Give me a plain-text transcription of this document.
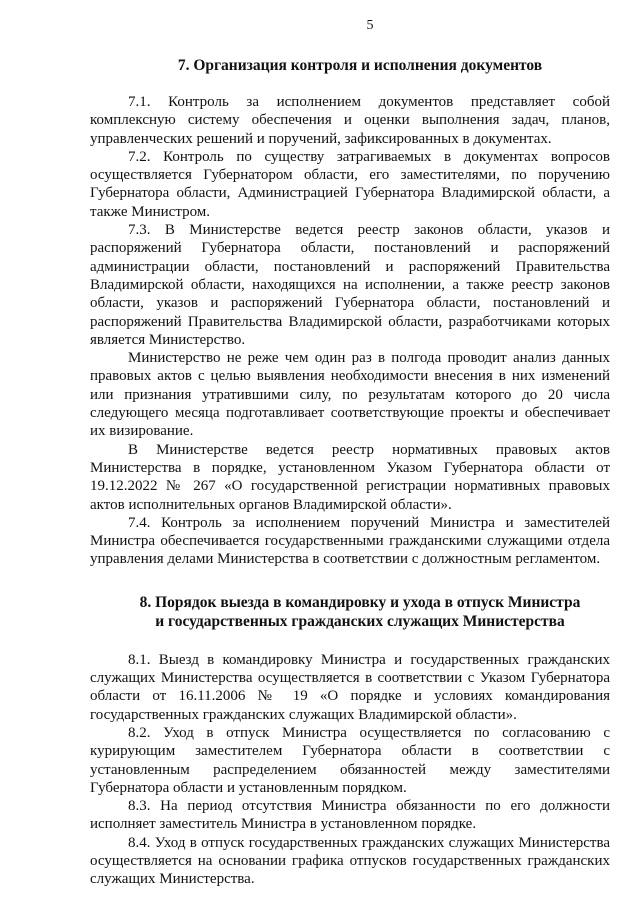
5
7. Организация контроля и исполнения документов

7.1. Контроль за исполнением документов представляет собой комплексную систему обеспечения и оценки выполнения задач, планов, управленческих решений и поручений, зафиксированных в документах.

7.2. Контроль по существу затрагиваемых в документах вопросов осуществляется Губернатором области, его заместителями, по поручению Губернатора области, Администрацией Губернатора Владимирской области, а также Министром.

7.3. В Министерстве ведется реестр законов области, указов и распоряжений Губернатора области, постановлений и распоряжений администрации области, постановлений и распоряжений Правительства Владимирской области, находящихся на исполнении, а также реестр законов области, указов и распоряжений Губернатора области, постановлений и распоряжений Правительства Владимирской области, разработчиками которых является Министерство.

Министерство не реже чем один раз в полгода проводит анализ данных правовых актов с целью выявления необходимости внесения в них изменений или признания утратившими силу, по результатам которого до 20 числа следующего месяца подготавливает соответствующие проекты и обеспечивает их визирование.

В Министерстве ведется реестр нормативных правовых актов Министерства в порядке, установленном Указом Губернатора области от 19.12.2022 № 267 «О государственной регистрации нормативных правовых актов исполнительных органов Владимирской области».

7.4. Контроль за исполнением поручений Министра и заместителей Министра обеспечивается государственными гражданскими служащими отдела управления делами Министерства в соответствии с должностным регламентом.

8. Порядок выезда в командировку и ухода в отпуск Министра
и государственных гражданских служащих Министерства

8.1. Выезд в командировку Министра и государственных гражданских служащих Министерства осуществляется в соответствии с Указом Губернатора области от 16.11.2006 № 19 «О порядке и условиях командирования государственных гражданских служащих Владимирской области».

8.2. Уход в отпуск Министра осуществляется по согласованию с курирующим заместителем Губернатора области в соответствии с установленным распределением обязанностей между заместителями Губернатора области и установленным порядком.

8.3. На период отсутствия Министра обязанности по его должности исполняет заместитель Министра в установленном порядке.

8.4. Уход в отпуск государственных гражданских служащих Министерства осуществляется на основании графика отпусков государственных гражданских служащих Министерства.
